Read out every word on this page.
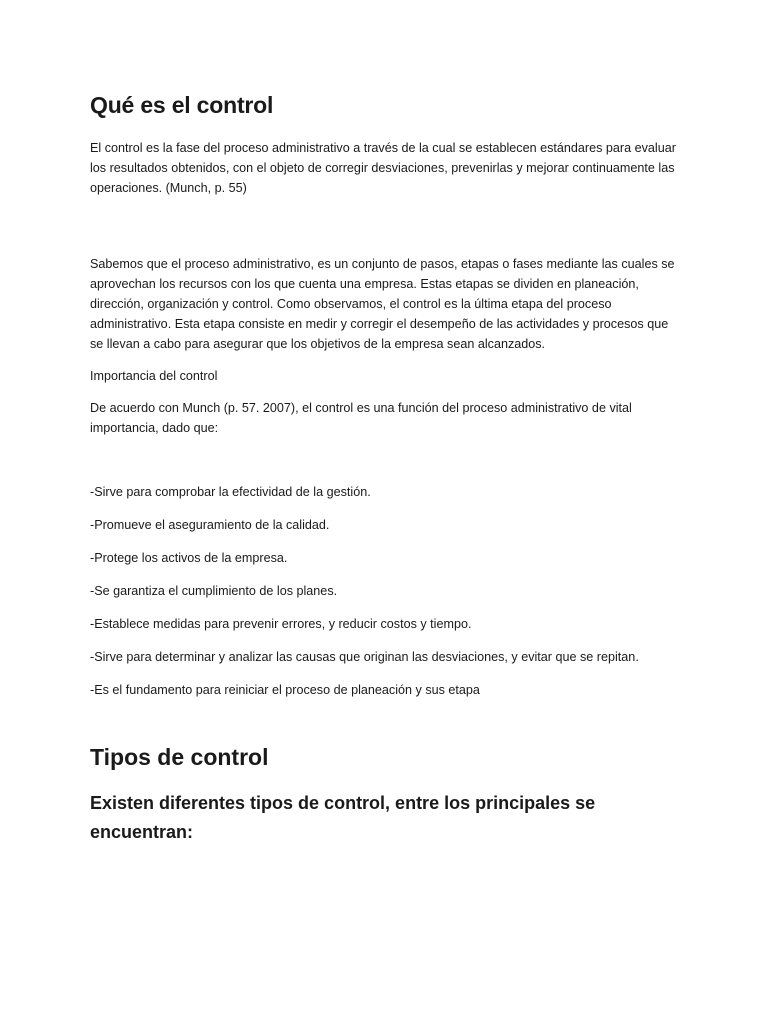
Qué es el control

El control es la fase del proceso administrativo a través de la cual se establecen estándares para evaluar los resultados obtenidos, con el objeto de corregir desviaciones, prevenirlas y mejorar continuamente las operaciones. (Munch, p. 55)

Sabemos que el proceso administrativo, es un conjunto de pasos, etapas o fases mediante las cuales se aprovechan los recursos con los que cuenta una empresa. Estas etapas se dividen en planeación, dirección, organización y control. Como observamos, el control es la última etapa del proceso administrativo. Esta etapa consiste en medir y corregir el desempeño de las actividades y procesos que se llevan a cabo para asegurar que los objetivos de la empresa sean alcanzados.

Importancia del control

De acuerdo con Munch (p. 57. 2007), el control es una función del proceso administrativo de vital importancia, dado que:

-Sirve para comprobar la efectividad de la gestión.
-Promueve el aseguramiento de la calidad.
-Protege los activos de la empresa.
-Se garantiza el cumplimiento de los planes.
-Establece medidas para prevenir errores, y reducir costos y tiempo.
-Sirve para determinar y analizar las causas que originan las desviaciones, y evitar que se repitan.
-Es el fundamento para reiniciar el proceso de planeación y sus etapa
Tipos de control
Existen diferentes tipos de control, entre los principales se encuentran:
